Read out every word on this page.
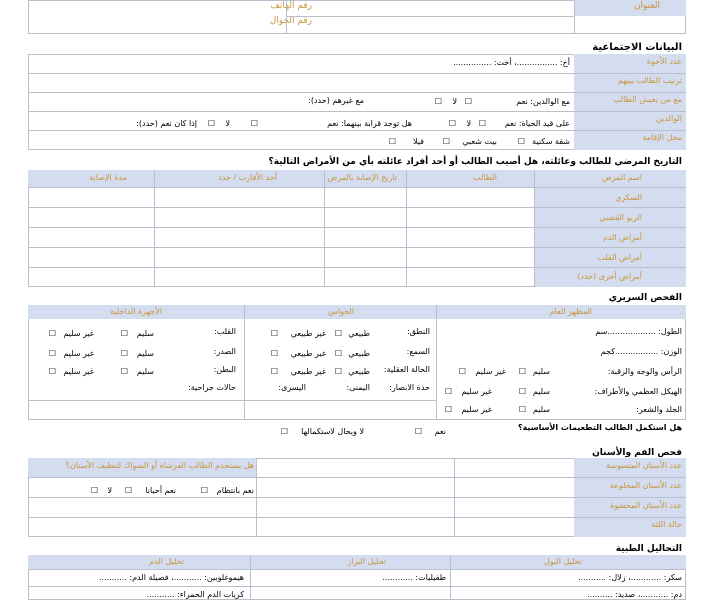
العنوان
رقم الهاتف
رقم الجوال
البيانات الاجتماعية
عدد الأخوة
ترتيب الطالب بينهم
مع من يعيش الطالب
الوالدين
محل الإقامة
أخ: ................، أخت: ...............
مع الوالدين: نعم
☐
لا
☐
مع غيرهم (حدد):
على قيد الحياة: نعم
☐
لا
☐
هل توجد قرابة بينهما: نعم
☐
لا
☐
إذا كان نعم (حدد):
شقة سكنية
☐
بيت شعبي
☐
فيلا
☐
التاريخ المرضي للطالب وعائلته، هل أصيب الطالب أو أحد أفراد عائلته بأي من الأمراض التالية؟
اسم المرض
الطالب
تاريخ الإصابة بالمرض
أحد الأقارب / حدد
مدة الإصابة
السكري
الربو القصبي
أمراض الدم
أمراض القلب
أمراض أخرى (حدد)
الفحص السريري
المظهر العام
الحواس
الأجهزة الداخلية
الطول: ...................سم
الوزن: .................كجم
الرأس والوجه والرقبة:
الهيكل العظمي والأطراف:
الجلد والشعر:
سليم
☐
غير سليم
☐
سليم
☐
غير سليم
☐
سليم
☐
غير سليم
☐
النطق:
السمع:
الحالة العقلية:
حدة الابصار:
اليمنى:
اليسرى:
طبيعي
☐
غير طبيعي
☐
طبيعي
☐
غير طبيعي
☐
طبيعي
☐
غير طبيعي
☐
القلب:
الصدر:
البطن:
حالات جراحية:
سليم
☐
غير سليم
☐
سليم
☐
غير سليم
☐
سليم
☐
غير سليم
☐
هل استكمل الطالب التطعيمات الأساسية؟
نعم
☐
لا ويحال لاستكمالها
☐
فحص الفم والأسنان
عدد الأسنان المتسوسة
عدد الأسنان المخلوعة
عدد الأسنان المحشوة
حالة اللثة
هل يستخدم الطالب الفرشاة أو السواك لتنظيف الأسنان؟
نعم بانتظام
☐
نعم أحيانا
☐
لا
☐
التحاليل الطبية
تحليل البول
تحليل البراز
تحليل الدم
سكر: ............، زلال: ...........
دم: ...........، صديد: ..........
طفيليات: ............
هيموغلوبين: ...........، فصيلة الدم: ...........
كريات الدم الحمراء: ...........
